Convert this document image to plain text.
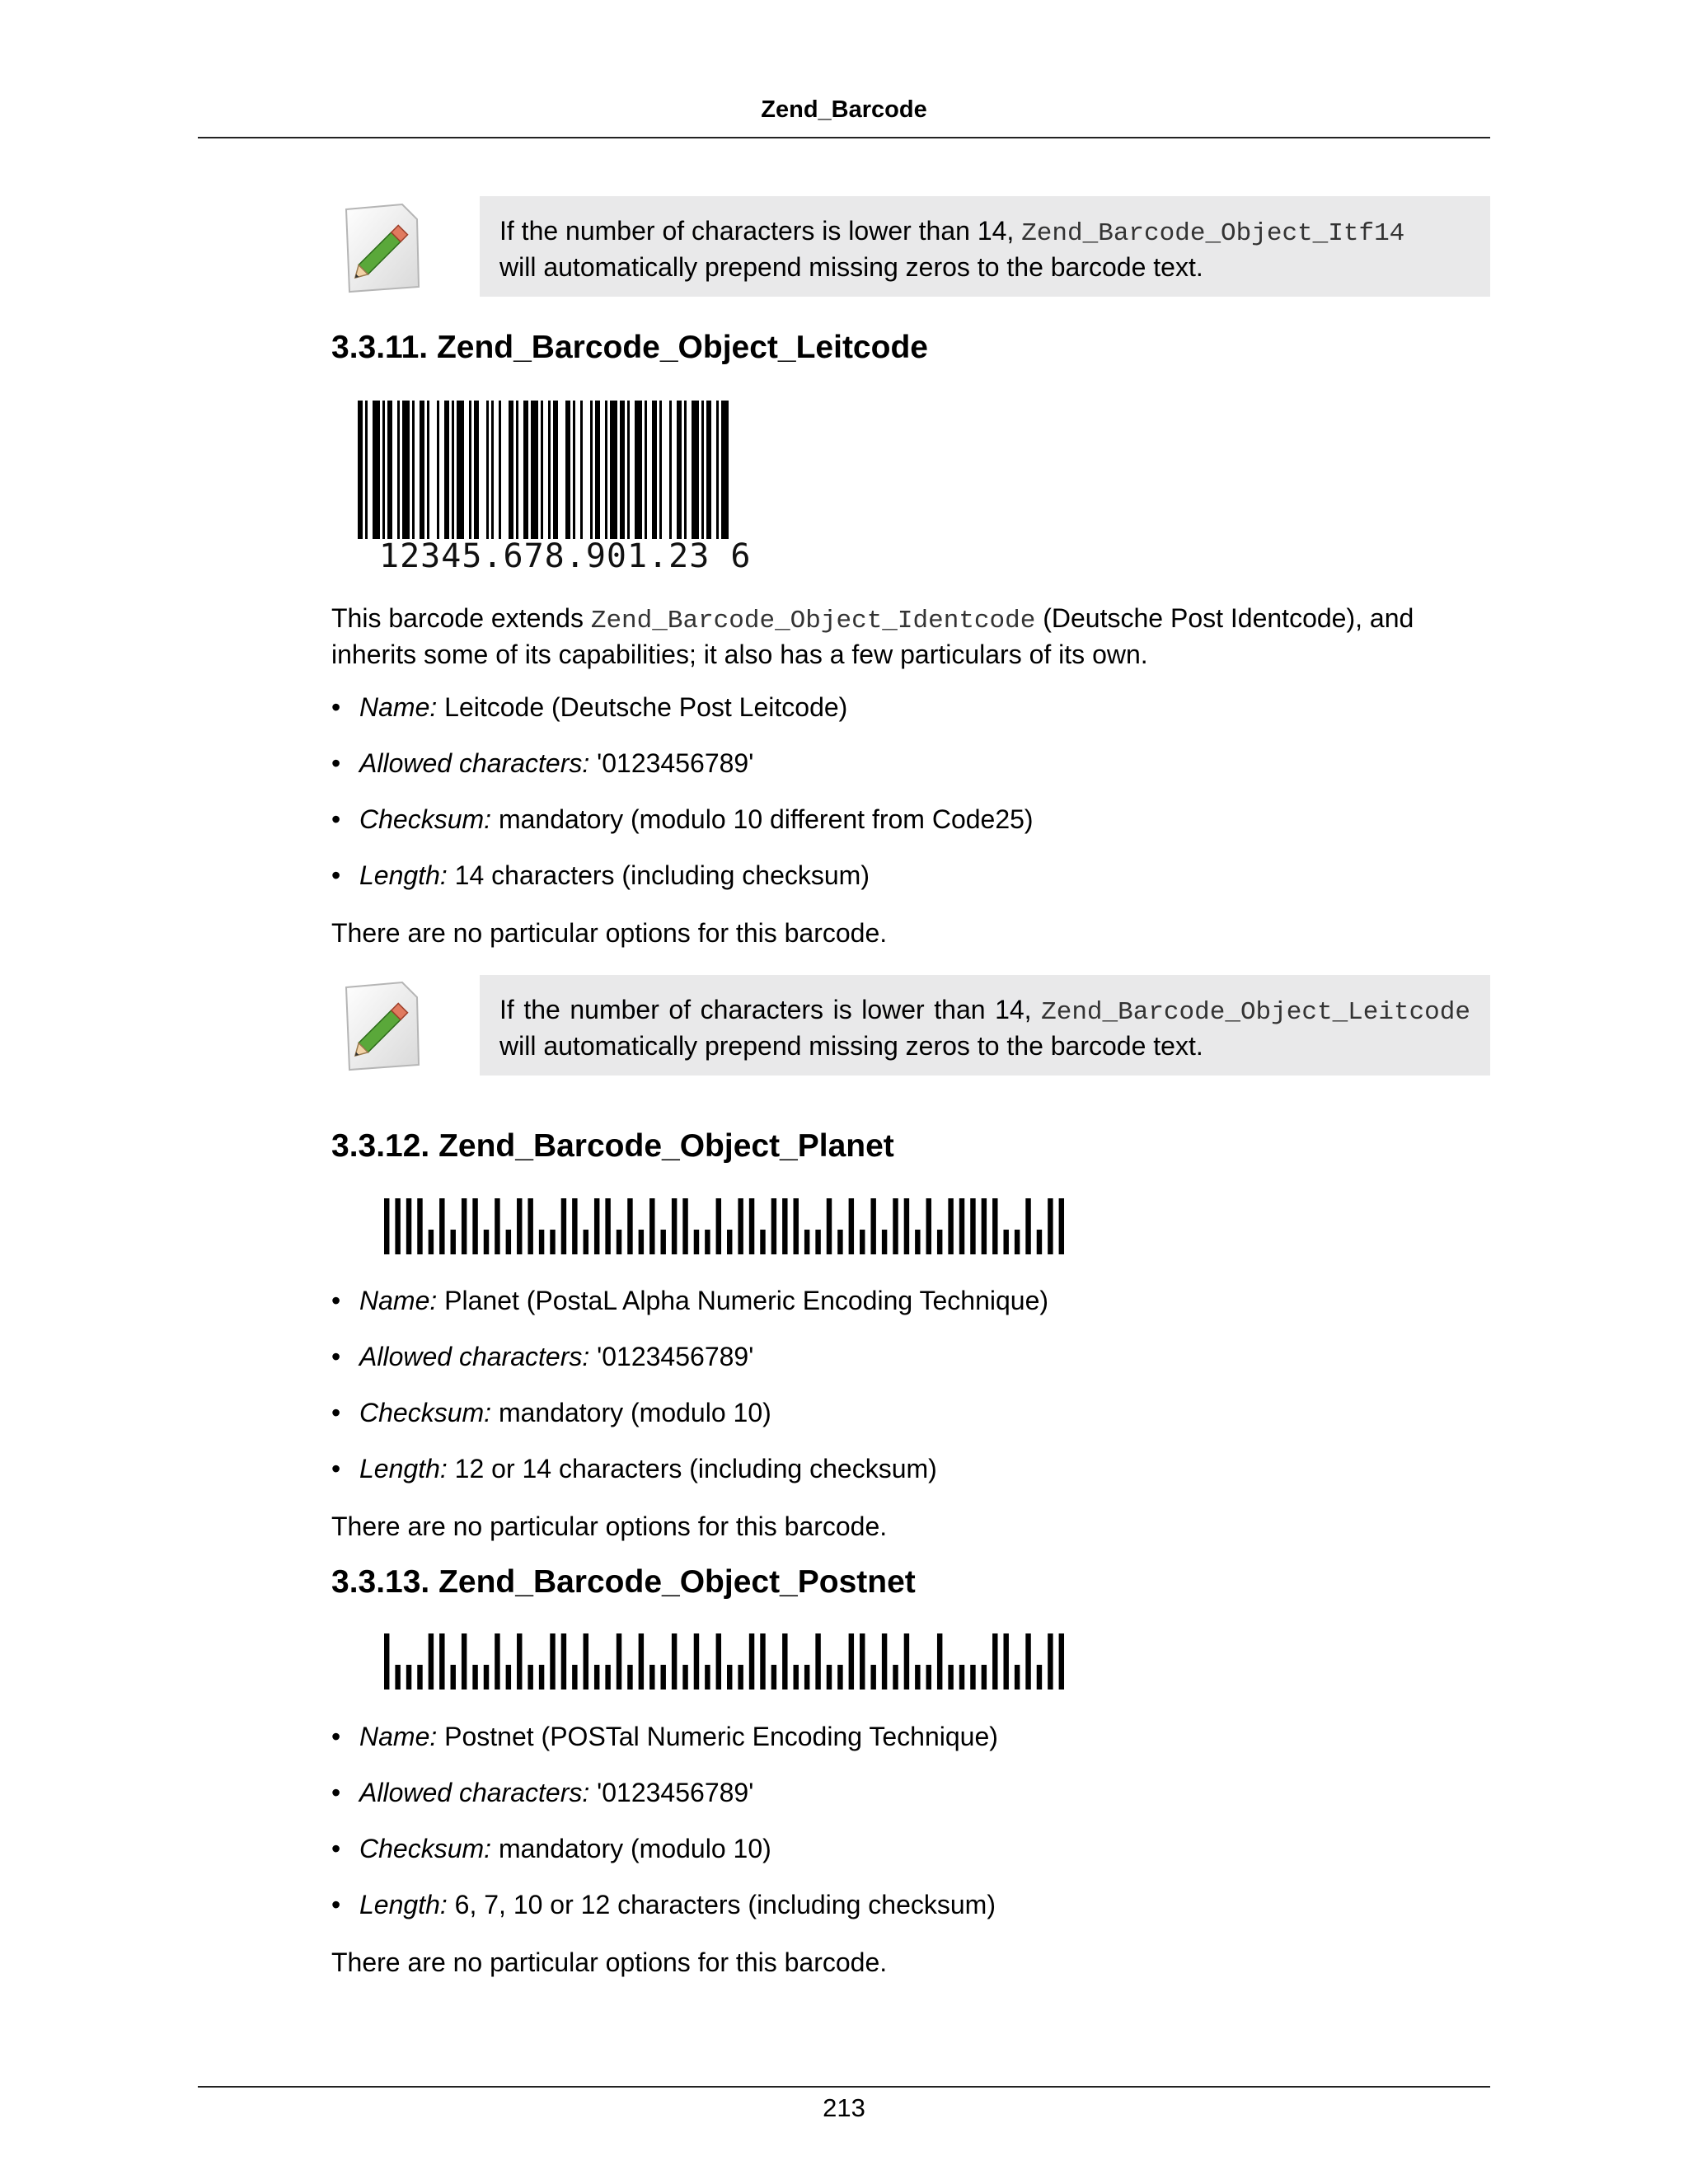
Zend_Barcode

If the number of characters is lower than 14, Zend_Barcode_Object_Itf14

will automatically prepend missing zeros to the barcode text.

3.3.11. Zend_Barcode_Object_Leitcode
12345.678.901.23 6
This barcode extends Zend_Barcode_Object_Identcode (Deutsche Post Identcode), and inherits some of its capabilities; it also has a few particulars of its own.
• Name: Leitcode (Deutsche Post Leitcode)
• Allowed characters: '0123456789'
• Checksum: mandatory (modulo 10 different from Code25)
• Length: 14 characters (including checksum)
There are no particular options for this barcode.

If the number of characters is lower than 14, Zend_Barcode_Object_Leitcode will automatically prepend missing zeros to the barcode text.

3.3.12. Zend_Barcode_Object_Planet
• Name: Planet (PostaL Alpha Numeric Encoding Technique)
• Allowed characters: '0123456789'
• Checksum: mandatory (modulo 10)
• Length: 12 or 14 characters (including checksum)
There are no particular options for this barcode.
3.3.13. Zend_Barcode_Object_Postnet
• Name: Postnet (POSTal Numeric Encoding Technique)
• Allowed characters: '0123456789'
• Checksum: mandatory (modulo 10)
• Length: 6, 7, 10 or 12 characters (including checksum)
There are no particular options for this barcode.
213
